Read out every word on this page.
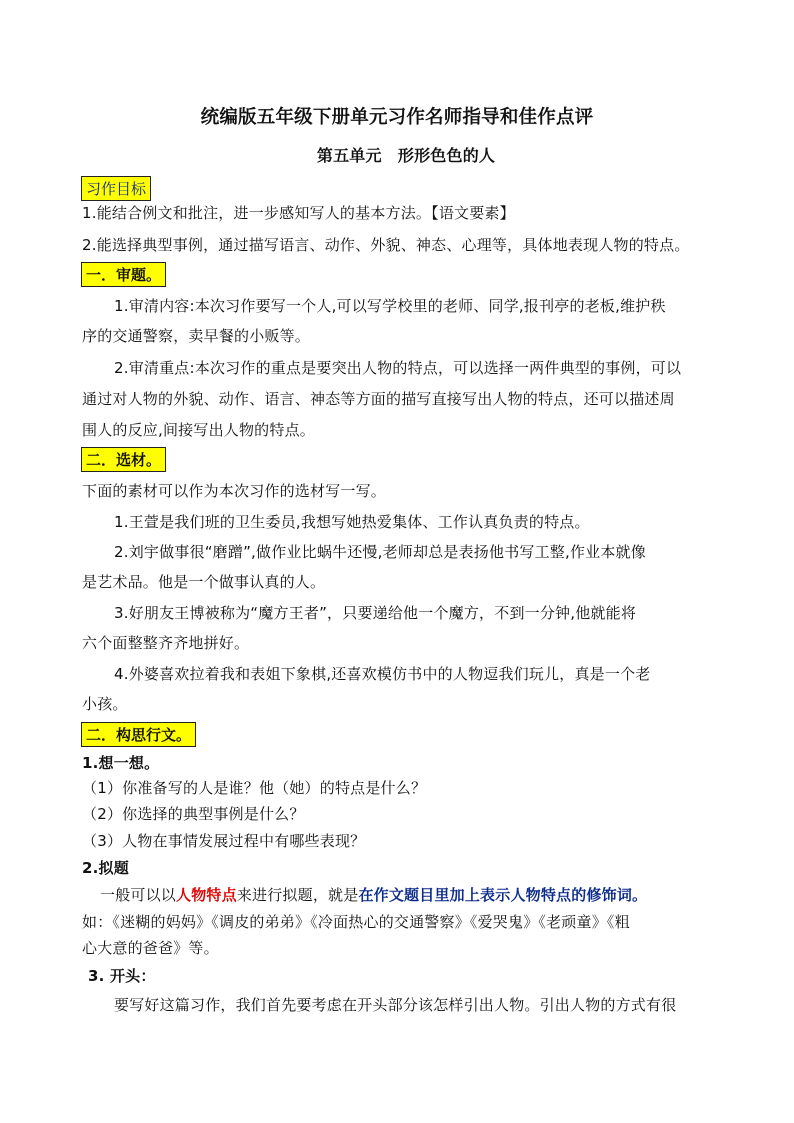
统编版五年级下册单元习作名师指导和佳作点评

第五单元　形形色色的人

习作目标

1.能结合例文和批注，进一步感知写人的基本方法。【语文要素】

2.能选择典型事例，通过描写语言、动作、外貌、神态、心理等，具体地表现人物的特点。

一．审题。

1.审清内容:本次习作要写一个人,可以写学校里的老师、同学,报刊亭的老板,维护秩

序的交通警察，卖早餐的小贩等。

2.审清重点:本次习作的重点是要突出人物的特点，可以选择一两件典型的事例，可以

通过对人物的外貌、动作、语言、神态等方面的描写直接写出人物的特点，还可以描述周

围人的反应,间接写出人物的特点。

二．选材。

下面的素材可以作为本次习作的选材写一写。

1.王萱是我们班的卫生委员,我想写她热爱集体、工作认真负责的特点。

2.刘宇做事很“磨蹭”,做作业比蜗牛还慢,老师却总是表扬他书写工整,作业本就像

是艺术品。他是一个做事认真的人。

3.好朋友王博被称为“魔方王者”，只要递给他一个魔方，不到一分钟,他就能将

六个面整整齐齐地拼好。

4.外婆喜欢拉着我和表姐下象棋,还喜欢模仿书中的人物逗我们玩儿，真是一个老

小孩。

二．构思行文。

1.想一想。

（1）你准备写的人是谁？他（她）的特点是什么？

（2）你选择的典型事例是什么？

（3）人物在事情发展过程中有哪些表现？

2.拟题

一般可以以人物特点来进行拟题，就是在作文题目里加上表示人物特点的修饰词。

如：《迷糊的妈妈》《调皮的弟弟》《冷面热心的交通警察》《爱哭鬼》《老顽童》《粗

心大意的爸爸》等。

3. 开头：

要写好这篇习作，我们首先要考虑在开头部分该怎样引出人物。引出人物的方式有很
